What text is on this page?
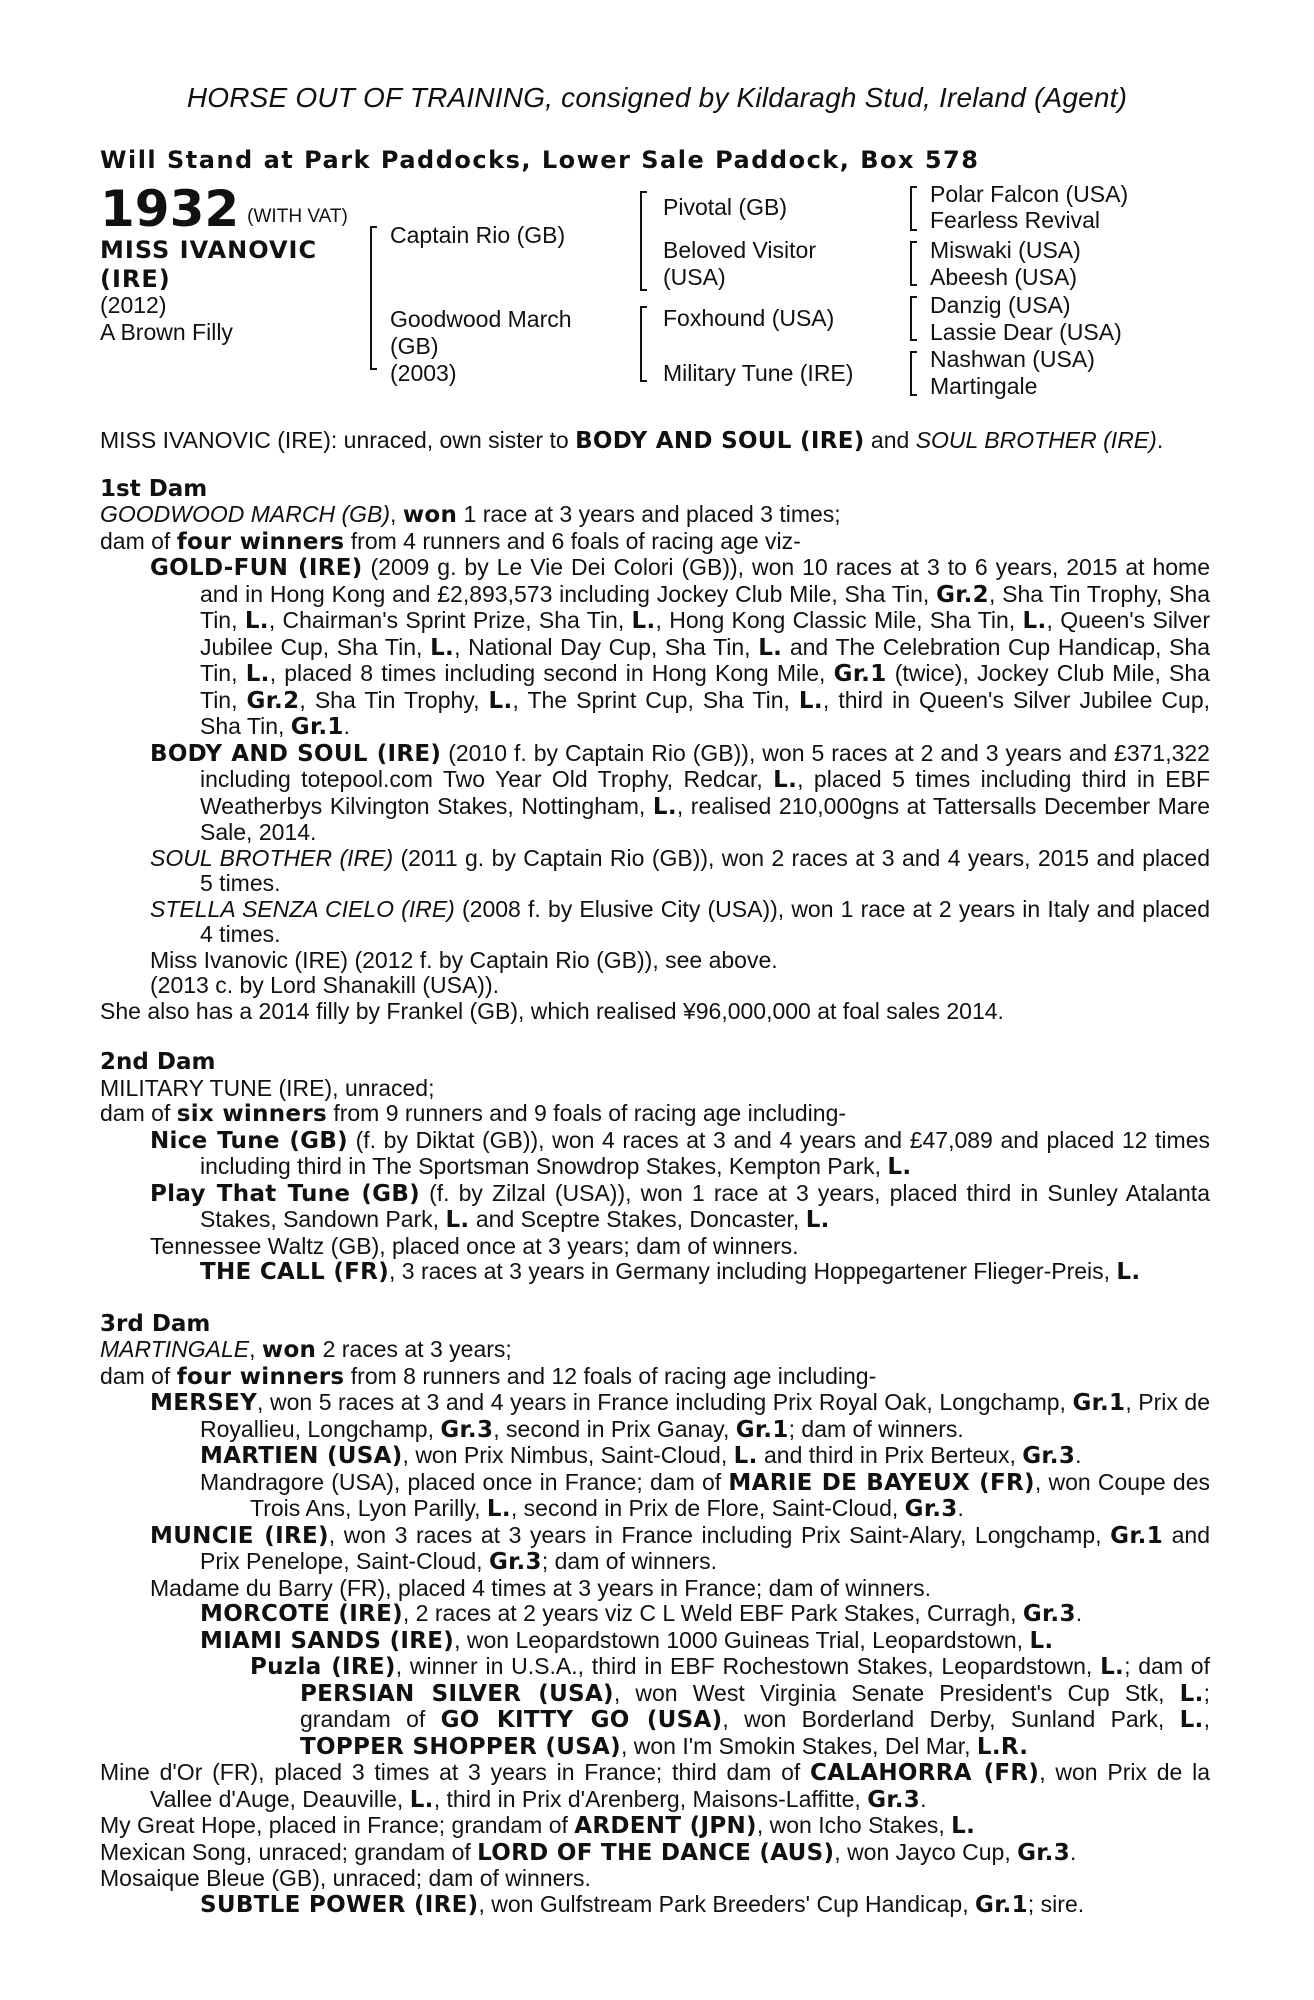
HORSE OUT OF TRAINING, consigned by Kildaragh Stud, Ireland (Agent)
Will Stand at Park Paddocks, Lower Sale Paddock, Box 578
1932 (WITH VAT)
MISS IVANOVIC
(IRE)
(2012)
A Brown Filly
Captain Rio (GB)
Goodwood March
(GB)
(2003)
Pivotal (GB)
Beloved Visitor
(USA)
Foxhound (USA)
Military Tune (IRE)
Polar Falcon (USA)
Fearless Revival
Miswaki (USA)
Abeesh (USA)
Danzig (USA)
Lassie Dear (USA)
Nashwan (USA)
Martingale

MISS IVANOVIC (IRE): unraced, own sister to BODY AND SOUL (IRE) and SOUL BROTHER (IRE).

1st Dam

GOODWOOD MARCH (GB), won 1 race at 3 years and placed 3 times;

dam of four winners from 4 runners and 6 foals of racing age viz-

GOLD-FUN (IRE) (2009 g. by Le Vie Dei Colori (GB)), won 10 races at 3 to 6 years, 2015 at home and in Hong Kong and £2,893,573 including Jockey Club Mile, Sha Tin, Gr.2, Sha Tin Trophy, Sha Tin, L., Chairman's Sprint Prize, Sha Tin, L., Hong Kong Classic Mile, Sha Tin, L., Queen's Silver Jubilee Cup, Sha Tin, L., National Day Cup, Sha Tin, L. and The Celebration Cup Handicap, Sha Tin, L., placed 8 times including second in Hong Kong Mile, Gr.1 (twice), Jockey Club Mile, Sha Tin, Gr.2, Sha Tin Trophy, L., The Sprint Cup, Sha Tin, L., third in Queen's Silver Jubilee Cup, Sha Tin, Gr.1.

BODY AND SOUL (IRE) (2010 f. by Captain Rio (GB)), won 5 races at 2 and 3 years and £371,322 including totepool.com Two Year Old Trophy, Redcar, L., placed 5 times including third in EBF Weatherbys Kilvington Stakes, Nottingham, L., realised 210,000gns at Tattersalls December Mare Sale, 2014.

SOUL BROTHER (IRE) (2011 g. by Captain Rio (GB)), won 2 races at 3 and 4 years, 2015 and placed 5 times.

STELLA SENZA CIELO (IRE) (2008 f. by Elusive City (USA)), won 1 race at 2 years in Italy and placed 4 times.

Miss Ivanovic (IRE) (2012 f. by Captain Rio (GB)), see above.

(2013 c. by Lord Shanakill (USA)).

She also has a 2014 filly by Frankel (GB), which realised ¥96,000,000 at foal sales 2014.

2nd Dam

MILITARY TUNE (IRE), unraced;

dam of six winners from 9 runners and 9 foals of racing age including-

Nice Tune (GB) (f. by Diktat (GB)), won 4 races at 3 and 4 years and £47,089 and placed 12 times including third in The Sportsman Snowdrop Stakes, Kempton Park, L.

Play That Tune (GB) (f. by Zilzal (USA)), won 1 race at 3 years, placed third in Sunley Atalanta Stakes, Sandown Park, L. and Sceptre Stakes, Doncaster, L.

Tennessee Waltz (GB), placed once at 3 years; dam of winners.

THE CALL (FR), 3 races at 3 years in Germany including Hoppegartener Flieger-Preis, L.

3rd Dam

MARTINGALE, won 2 races at 3 years;

dam of four winners from 8 runners and 12 foals of racing age including-

MERSEY, won 5 races at 3 and 4 years in France including Prix Royal Oak, Longchamp, Gr.1, Prix de Royallieu, Longchamp, Gr.3, second in Prix Ganay, Gr.1; dam of winners.

MARTIEN (USA), won Prix Nimbus, Saint-Cloud, L. and third in Prix Berteux, Gr.3.

Mandragore (USA), placed once in France; dam of MARIE DE BAYEUX (FR), won Coupe des Trois Ans, Lyon Parilly, L., second in Prix de Flore, Saint-Cloud, Gr.3.

MUNCIE (IRE), won 3 races at 3 years in France including Prix Saint-Alary, Longchamp, Gr.1 and Prix Penelope, Saint-Cloud, Gr.3; dam of winners.

Madame du Barry (FR), placed 4 times at 3 years in France; dam of winners.

MORCOTE (IRE), 2 races at 2 years viz C L Weld EBF Park Stakes, Curragh, Gr.3.

MIAMI SANDS (IRE), won Leopardstown 1000 Guineas Trial, Leopardstown, L.

Puzla (IRE), winner in U.S.A., third in EBF Rochestown Stakes, Leopardstown, L.; dam of PERSIAN SILVER (USA), won West Virginia Senate President's Cup Stk, L.; grandam of GO KITTY GO (USA), won Borderland Derby, Sunland Park, L., TOPPER SHOPPER (USA), won I'm Smokin Stakes, Del Mar, L.R.

Mine d'Or (FR), placed 3 times at 3 years in France; third dam of CALAHORRA (FR), won Prix de la Vallee d'Auge, Deauville, L., third in Prix d'Arenberg, Maisons-Laffitte, Gr.3.

My Great Hope, placed in France; grandam of ARDENT (JPN), won Icho Stakes, L.

Mexican Song, unraced; grandam of LORD OF THE DANCE (AUS), won Jayco Cup, Gr.3.

Mosaique Bleue (GB), unraced; dam of winners.

SUBTLE POWER (IRE), won Gulfstream Park Breeders' Cup Handicap, Gr.1; sire.
